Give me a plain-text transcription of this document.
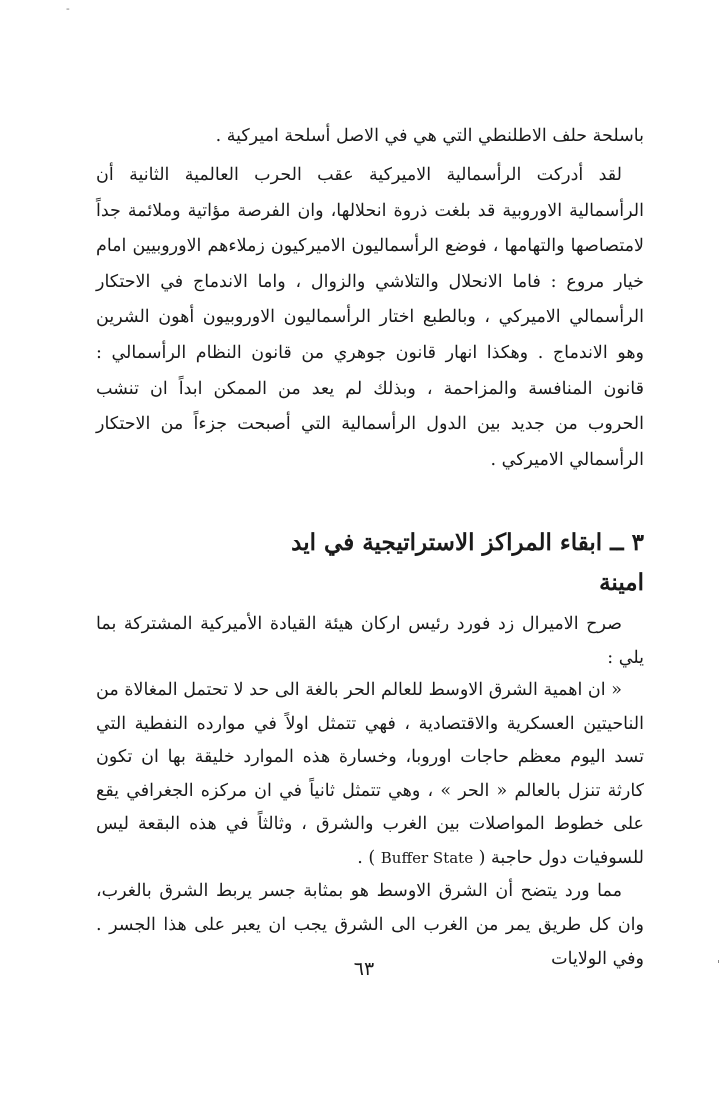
-

باسلحة حلف الاطلنطي التي هي في الاصل أسلحة اميركية .

لقد أدركت الرأسمالية الاميركية عقب الحرب العالمية الثانية أن الرأسمالية الاوروبية قد بلغت ذروة انحلالها، وان الفرصة مؤاتية وملائمة جداً لامتصاصها والتهامها ، فوضع الرأسماليون الاميركيون زملاءهم الاوروبيين امام خيار مروع : فاما الانحلال والتلاشي والزوال ، واما الاندماج في الاحتكار الرأسمالي الاميركي ، وبالطبع اختار الرأسماليون الاوروبيون أهون الشرين وهو الاندماج . وهكذا انهار قانون جوهري من قانون النظام الرأسمالي : قانون المنافسة والمزاحمة ، وبذلك لم يعد من الممكن ابداً ان تنشب الحروب من جديد بين الدول الرأسمالية التي أصبحت جزءاً من الاحتكار الرأسمالي الاميركي .

٣ ــ ابقاء المراكز الاستراتيجية في ايد امينة

صرح الاميرال زد فورد رئيس اركان هيئة القيادة الأميركية المشتركة بما يلي :

« ان اهمية الشرق الاوسط للعالم الحر بالغة الى حد لا تحتمل المغالاة من الناحيتين العسكرية والاقتصادية ، فهي تتمثل اولاً في موارده النفطية التي تسد اليوم معظم حاجات اوروبا، وخسارة هذه الموارد خليقة بها ان تكون كارثة تنزل بالعالم « الحر » ، وهي تتمثل ثانياً في ان مركزه الجغرافي يقع على خطوط المواصلات بين الغرب والشرق ، وثالثاً في هذه البقعة ليس للسوفيات دول حاجبة ( Buffer State ) .

مما ورد يتضح أن الشرق الاوسط هو بمثابة جسر يربط الشرق بالغرب، وان كل طريق يمر من الغرب الى الشرق يجب ان يعبر على هذا الجسر . وفي الولايات

٦٣	'
